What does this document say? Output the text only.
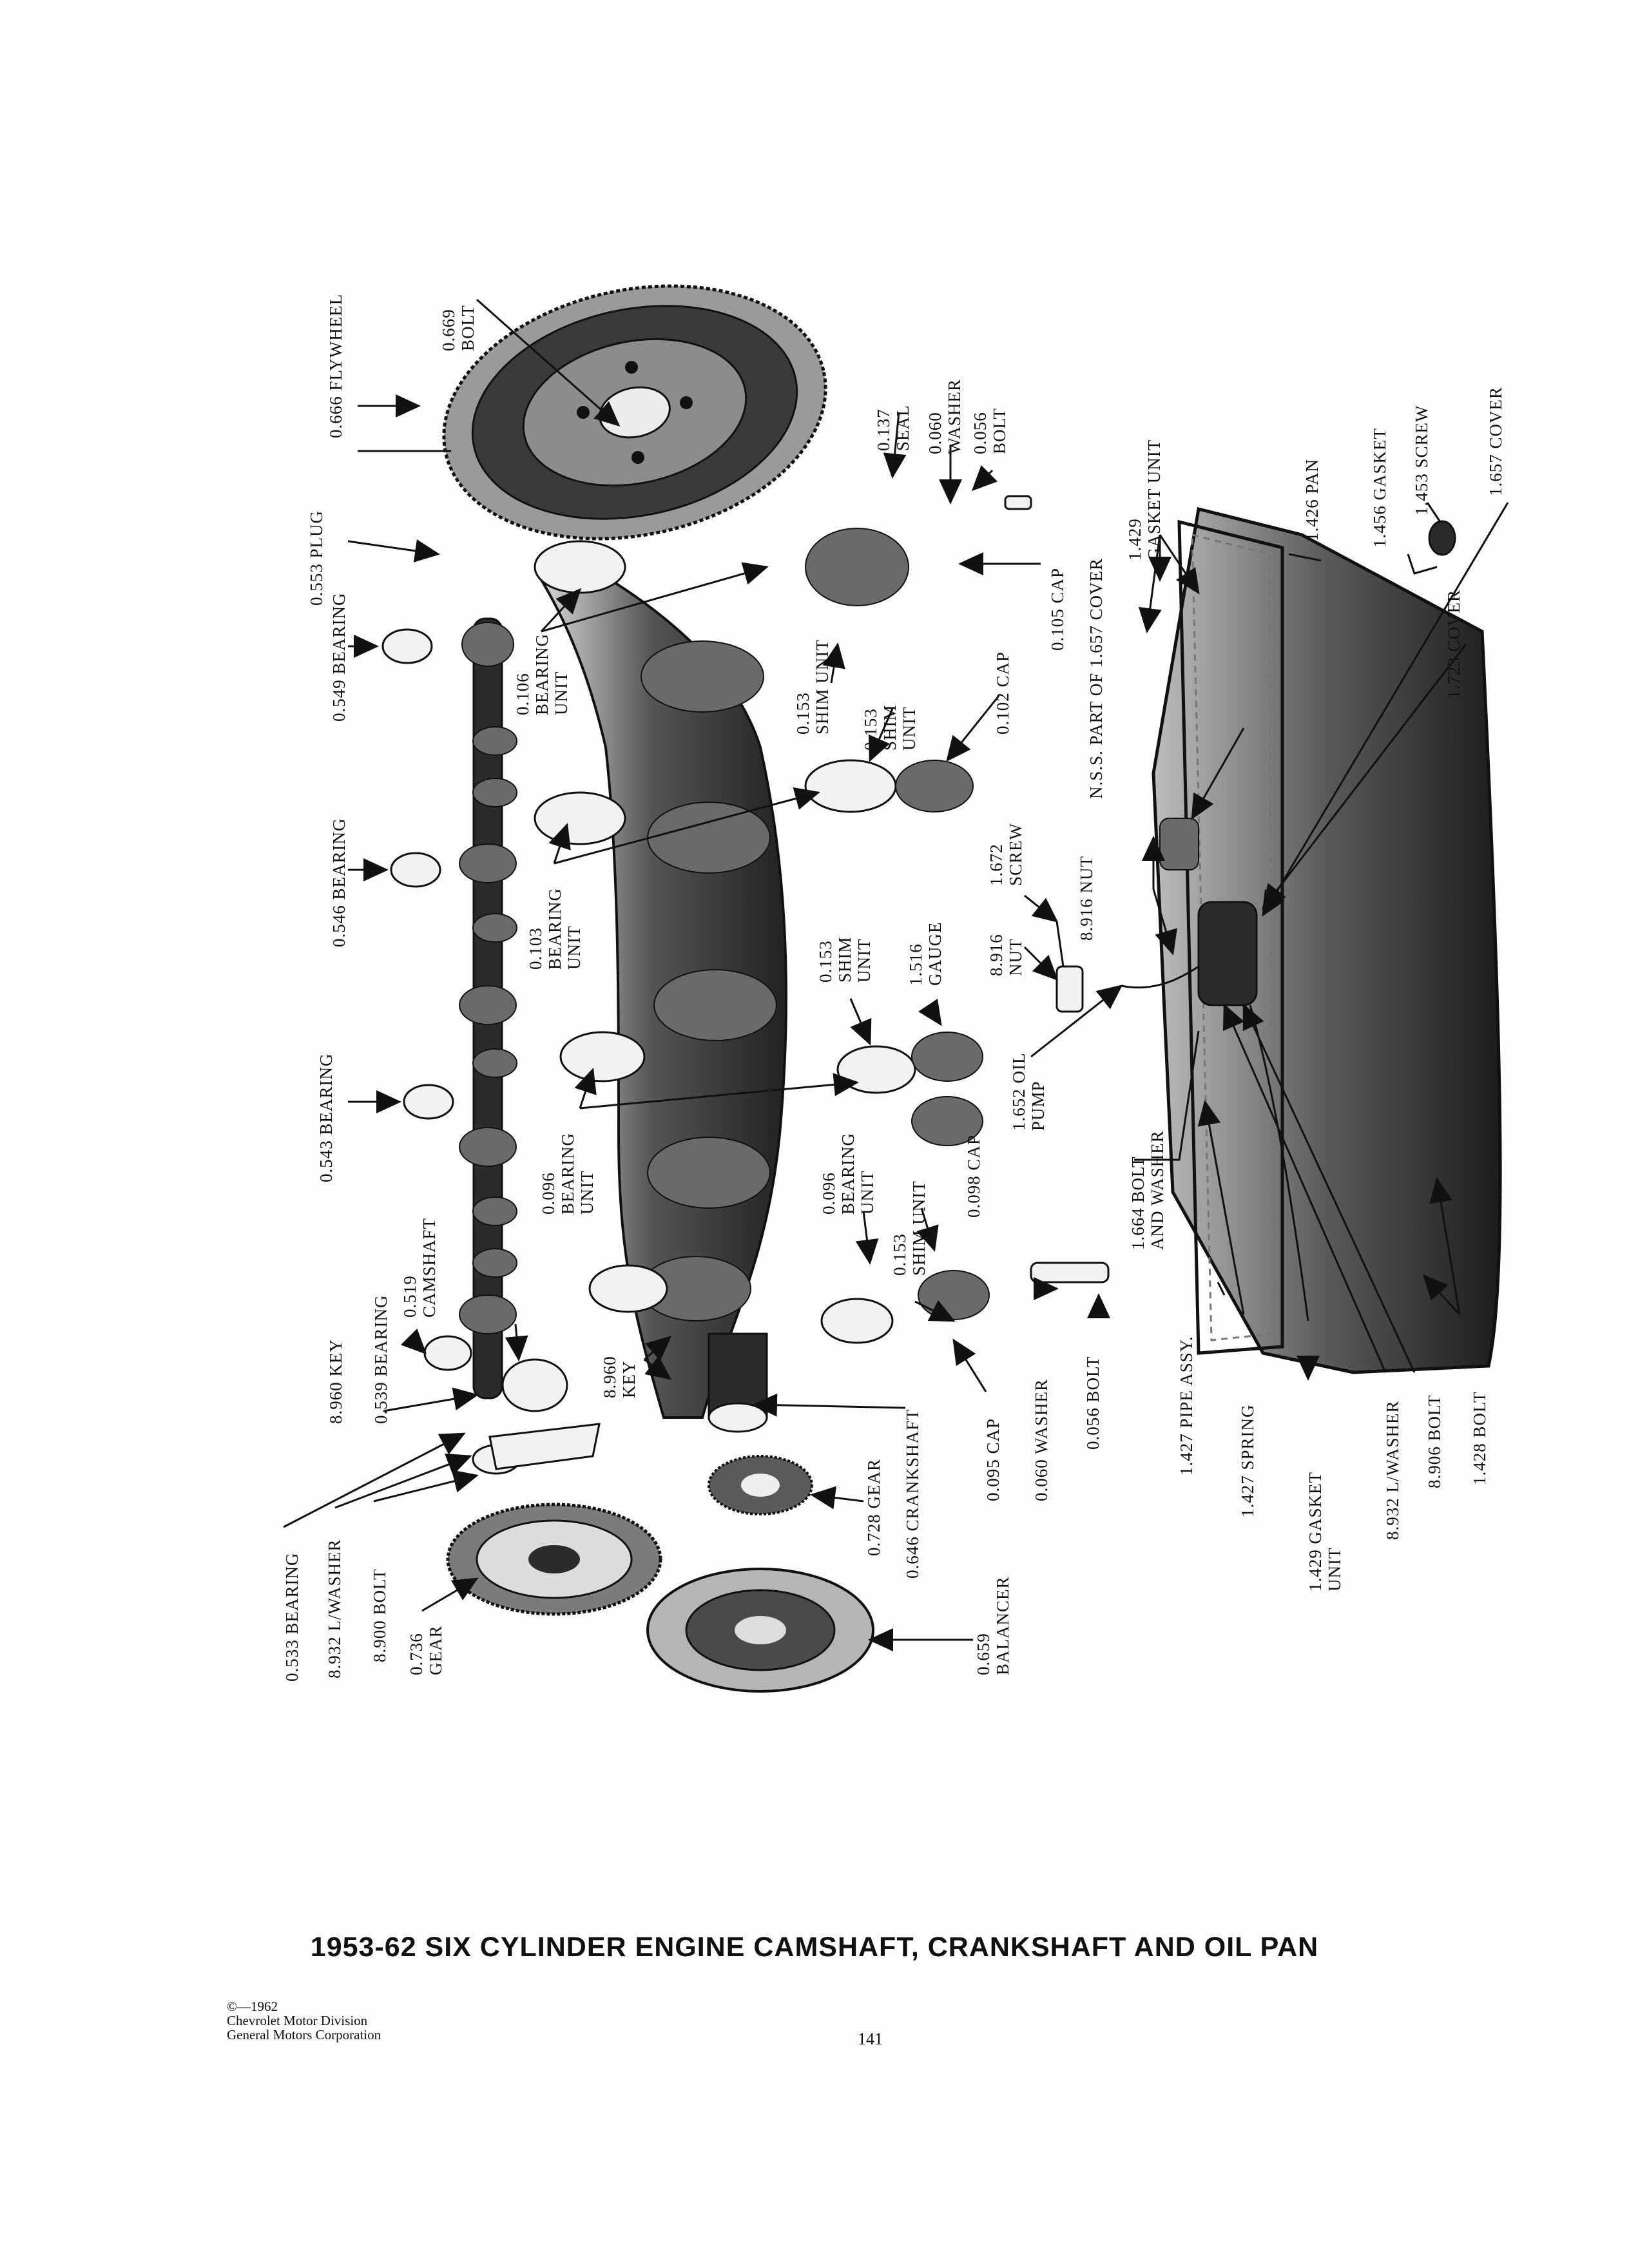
0.666 FLYWHEEL	0.669BOLT
0.553 PLUG
0.549 BEARING
0.137SEAL 0.060WASHER 0.056BOLT
0.106BEARINGUNIT	0.153SHIM UNIT
0.105 CAP
1.429GASKET UNIT	1.426 PAN	1.456 GASKET 1.453 SCREW	1.657 COVER
1.723 COVER
N.S.S. PART OF 1.657 COVER
0.153SHIMUNIT	0.102 CAP
0.546 BEARING
0.103BEARINGUNIT	0.153SHIMUNIT 1.516GAUGE
1.672SCREW
8.916NUT
8.916 NUT
1.652 OILPUMP
0.543 BEARING
0.096BEARINGUNIT	0.096BEARINGUNIT	0.098 CAP
0.153SHIM UNIT	1.664 BOLTAND WASHER
0.519CAMSHAFT
0.539 BEARING
8.960 KEY	8.960KEY
0.646 CRANKSHAFT	0.095 CAP 0.060 WASHER 0.056 BOLT	1.427 PIPE ASSY. 1.427 SPRING
1.429 GASKETUNIT
8.932 L/WASHER 8.906 BOLT 1.428 BOLT
0.533 BEARING 8.932 L/WASHER 8.900 BOLT 0.736GEAR
0.728 GEAR
0.659BALANCER
1953-62 SIX CYLINDER ENGINE CAMSHAFT, CRANKSHAFT AND OIL PAN
©—1962
Chevrolet Motor Division
General Motors Corporation	141
